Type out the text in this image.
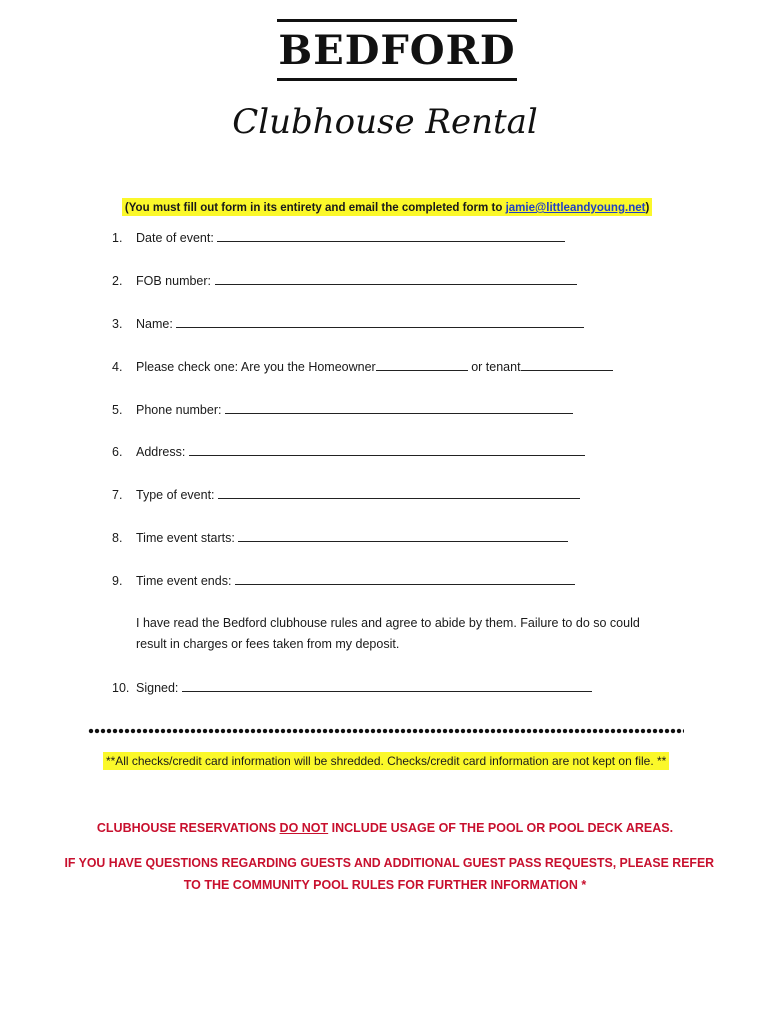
BEDFORD
Clubhouse Rental
(You must fill out form in its entirety and email the completed form to jamie@littleandyoung.net)
1. Date of event:
2. FOB number:
3. Name:
4. Please check one: Are you the Homeowner	or tenant
5. Phone number:
6. Address:
7. Type of event:
8. Time event starts:
9. Time event ends:
I have read the Bedford clubhouse rules and agree to abide by them. Failure to do so could result in charges or fees taken from my deposit.
10. Signed:
**All checks/credit card information will be shredded. Checks/credit card information are not kept on file. **
CLUBHOUSE RESERVATIONS DO NOT INCLUDE USAGE OF THE POOL OR POOL DECK AREAS.
IF YOU HAVE QUESTIONS REGARDING GUESTS AND ADDITIONAL GUEST PASS REQUESTS, PLEASE REFER
TO THE COMMUNITY POOL RULES FOR FURTHER INFORMATION *
